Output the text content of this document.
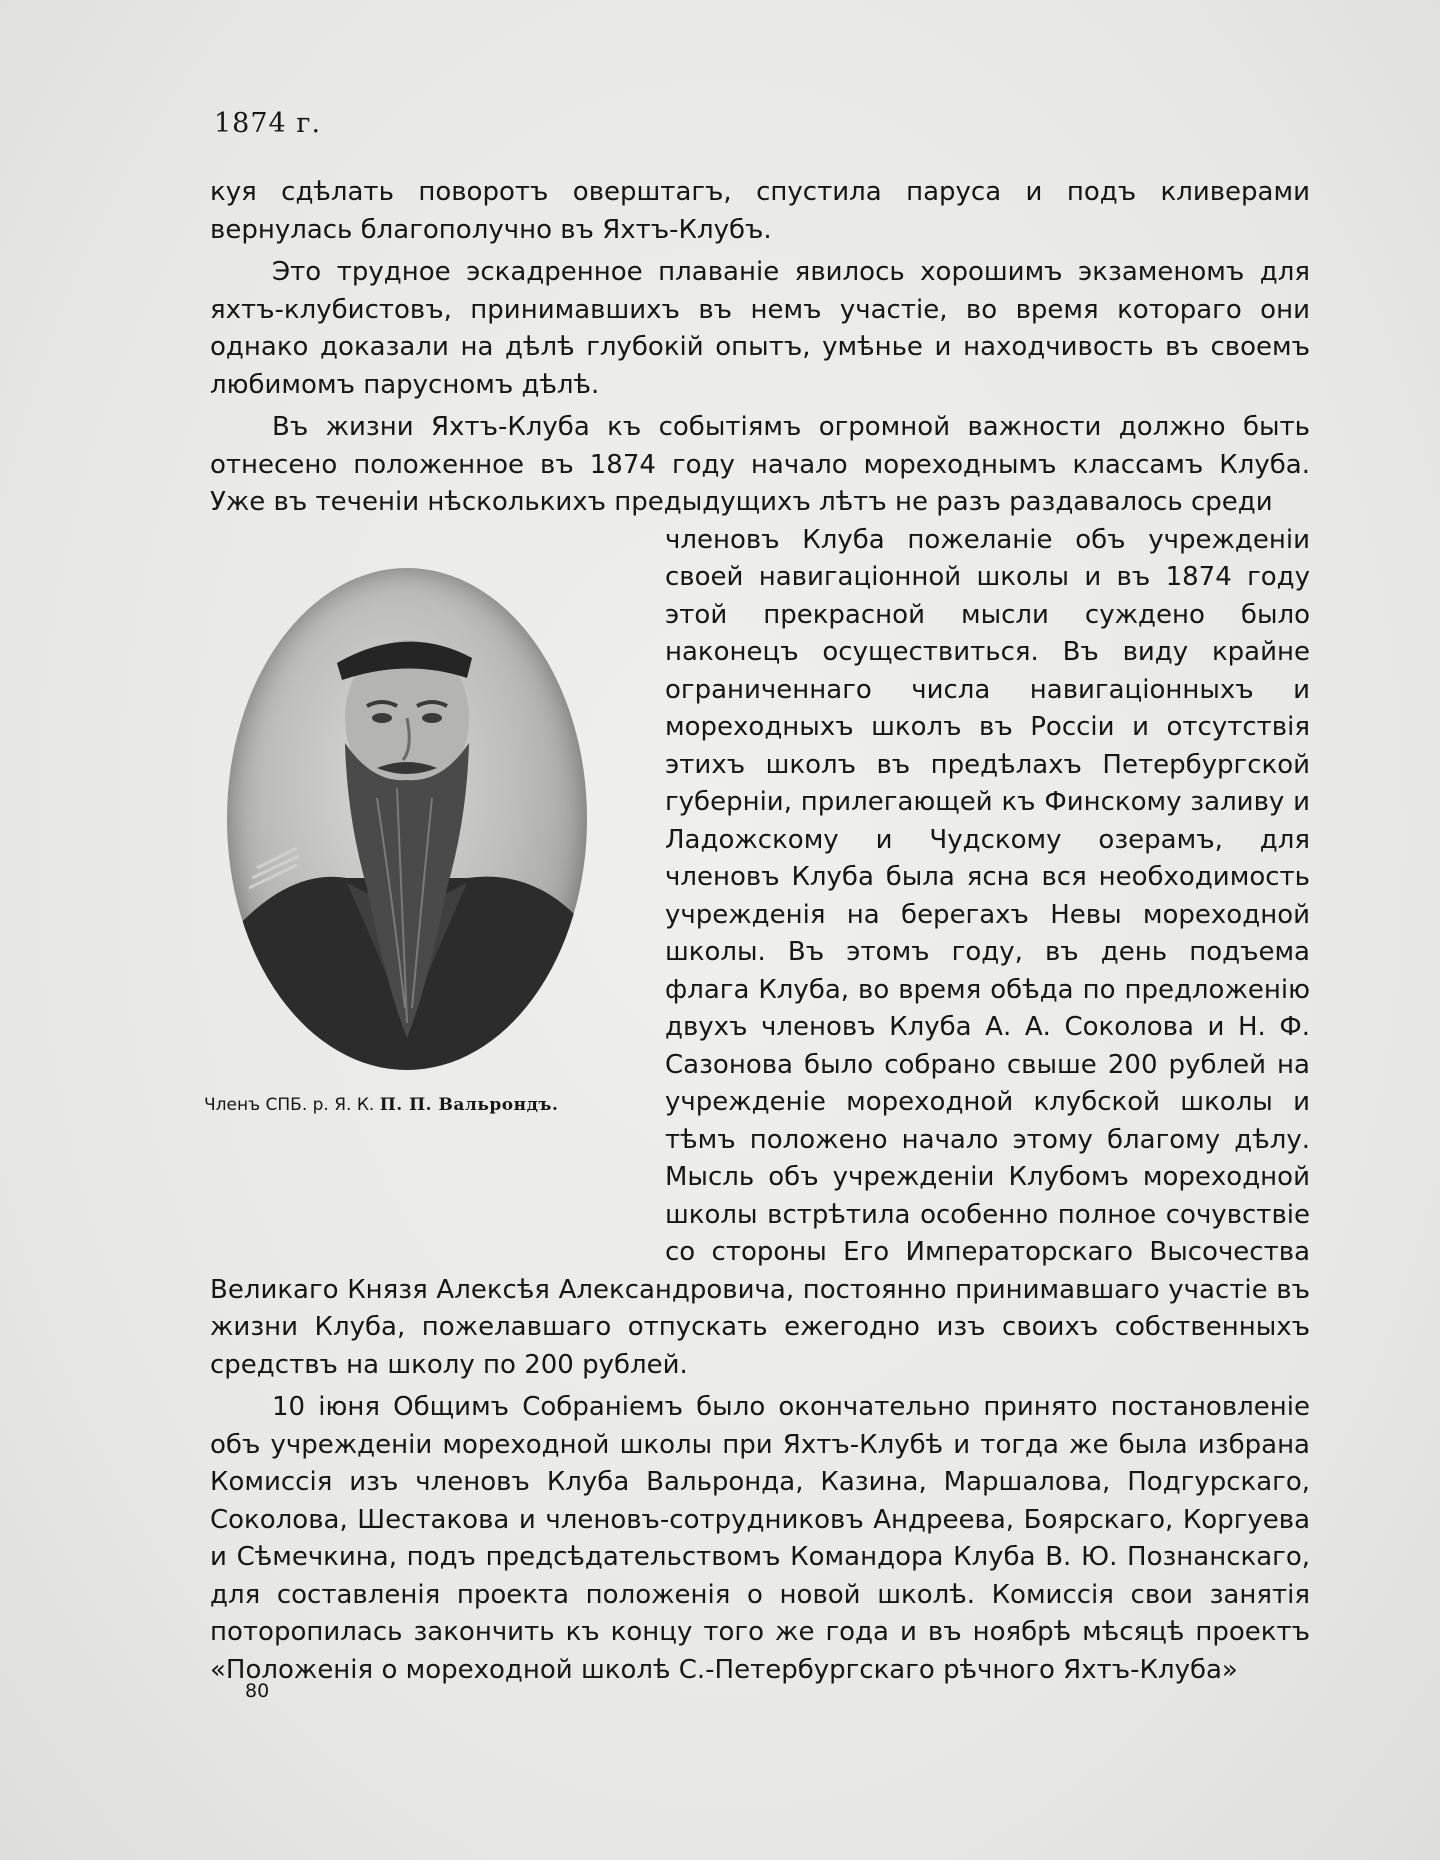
1874 г.

куя сдѣлать поворотъ оверштагъ, спустила паруса и подъ кливерами вернулась благополучно въ Яхтъ-Клубъ.

Это трудное эскадренное плаванiе явилось хорошимъ экзаменомъ для яхтъ-клубистовъ, принимавшихъ въ немъ участiе, во время котораго они однако доказали на дѣлѣ глубокiй опытъ, умѣнье и находчивость въ своемъ любимомъ парусномъ дѣлѣ.

Въ жизни Яхтъ-Клуба къ событiямъ огромной важности должно быть отнесено положенное въ 1874 году начало мореходнымъ классамъ Клуба. Уже въ теченiи нѣсколькихъ предыдущихъ лѣтъ не разъ раздавалось среди

Членъ СПБ. р. Я. К. П. П. Вальрондъ.

членовъ Клуба пожеланiе объ учрежденiи своей навигацiонной школы и въ 1874 году этой прекрасной мысли суждено было наконецъ осуществиться. Въ виду крайне ограниченнаго числа навигацiонныхъ и мореходныхъ школъ въ Россiи и отсутствiя этихъ школъ въ предѣлахъ Петербургской губернiи, прилегающей къ Финскому заливу и Ладожскому и Чудскому озерамъ, для членовъ Клуба была ясна вся необходимость учрежденiя на берегахъ Невы мореходной школы. Въ этомъ году, въ день подъема флага Клуба, во время обѣда по предложенiю двухъ членовъ Клуба А. А. Соколова и Н. Ф. Сазонова было собрано свыше 200 рублей на учрежденiе мореходной клубской школы и тѣмъ положено начало этому благому дѣлу. Мысль объ учрежденiи Клубомъ мореходной школы встрѣтила особенно полное сочувствiе со стороны Его Императорскаго Высочества Великаго Князя Алексѣя Александровича, постоянно принимавшаго участiе въ жизни Клуба, пожелавшаго отпускать ежегодно изъ своихъ собственныхъ средствъ на школу по 200 рублей.

10 iюня Общимъ Собранiемъ было окончательно принято постановленiе объ учрежденiи мореходной школы при Яхтъ-Клубѣ и тогда же была избрана Комиссiя изъ членовъ Клуба Вальронда, Казина, Маршалова, Подгурскаго, Соколова, Шестакова и членовъ-сотрудниковъ Андреева, Боярскаго, Коргуева и Сѣмечкина, подъ предсѣдательствомъ Командора Клуба В. Ю. Познанскаго, для составленiя проекта положенiя о новой школѣ. Комиссiя свои занятiя поторопилась закончить къ концу того же года и въ ноябрѣ мѣсяцѣ проектъ «Положенiя о мореходной школѣ С.-Петербургскаго рѣчного Яхтъ-Клуба»

80
